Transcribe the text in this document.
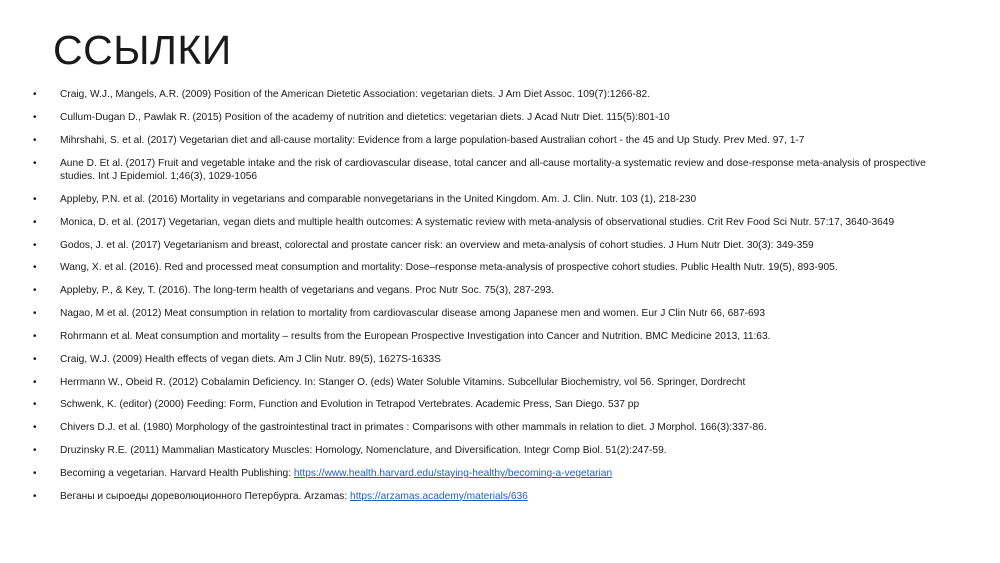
ССЫЛКИ
• Craig, W.J., Mangels, A.R. (2009) Position of the American Dietetic Association: vegetarian diets. J Am Diet Assoc. 109(7):1266-82.
• Cullum-Dugan D., Pawlak R. (2015) Position of the academy of nutrition and dietetics: vegetarian diets. J Acad Nutr Diet. 115(5):801-10
• Mihrshahi, S. et al. (2017) Vegetarian diet and all-cause mortality: Evidence from a large population-based Australian cohort - the 45 and Up Study. Prev Med. 97, 1-7
• Aune D. Et al. (2017) Fruit and vegetable intake and the risk of cardiovascular disease, total cancer and all-cause mortality-a systematic review and dose-response meta-analysis of prospective studies. Int J Epidemiol. 1;46(3), 1029-1056
• Appleby, P.N. et al. (2016) Mortality in vegetarians and comparable nonvegetarians in the United Kingdom. Am. J. Clin. Nutr. 103 (1), 218-230
• Monica, D. et al. (2017) Vegetarian, vegan diets and multiple health outcomes: A systematic review with meta-analysis of observational studies. Crit Rev Food Sci Nutr. 57:17, 3640-3649
• Godos, J. et al. (2017) Vegetarianism and breast, colorectal and prostate cancer risk: an overview and meta-analysis of cohort studies. J Hum Nutr Diet. 30(3): 349-359
• Wang, X. et al. (2016). Red and processed meat consumption and mortality: Dose–response meta-analysis of prospective cohort studies. Public Health Nutr. 19(5), 893-905.
• Appleby, P., & Key, T. (2016). The long-term health of vegetarians and vegans. Proc Nutr Soc. 75(3), 287-293.
• Nagao, M et al. (2012) Meat consumption in relation to mortality from cardiovascular disease among Japanese men and women. Eur J Clin Nutr 66, 687-693
• Rohrmann et al. Meat consumption and mortality – results from the European Prospective Investigation into Cancer and Nutrition. BMC Medicine 2013, 11:63.
• Craig, W.J. (2009) Health effects of vegan diets. Am J Clin Nutr. 89(5), 1627S-1633S
• Herrmann W., Obeid R. (2012) Cobalamin Deficiency. In: Stanger O. (eds) Water Soluble Vitamins. Subcellular Biochemistry, vol 56. Springer, Dordrecht
• Schwenk, K. (editor) (2000) Feeding: Form, Function and Evolution in Tetrapod Vertebrates. Academic Press, San Diego. 537 pp
• Chivers D.J. et al. (1980) Morphology of the gastrointestinal tract in primates : Comparisons with other mammals in relation to diet. J Morphol. 166(3):337-86.
• Druzinsky R.E. (2011) Mammalian Masticatory Muscles: Homology, Nomenclature, and Diversification. Integr Comp Biol. 51(2):247-59.
• Becoming a vegetarian. Harvard Health Publishing: https://www.health.harvard.edu/staying-healthy/becoming-a-vegetarian
• Веганы и сыроеды дореволюционного Петербурга. Arzamas: https://arzamas.academy/materials/636
